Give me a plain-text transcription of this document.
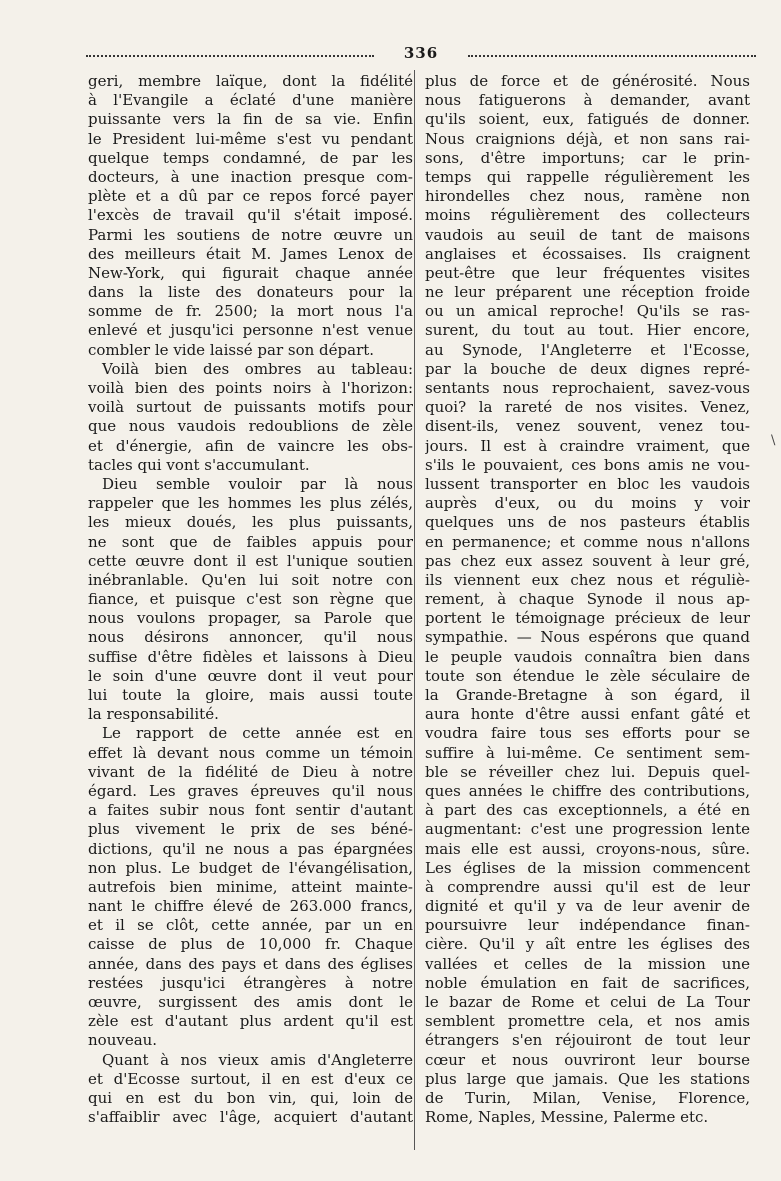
336
geri, membre laïque, dont la fidélité
à l'Evangile a éclaté d'une manière
puissante vers la fin de sa vie. Enfin
le President lui-même s'est vu pendant
quelque temps condamné, de par les
docteurs, à une inaction presque com-
plète et a dû par ce repos forcé payer
l'excès de travail qu'il s'était imposé.
Parmi les soutiens de notre œuvre un
des meilleurs était M. James Lenox de
New-York, qui figurait chaque année
dans la liste des donateurs pour la
somme de fr. 2500; la mort nous l'a
enlevé et jusqu'ici personne n'est venue
combler le vide laissé par son départ.
Voilà bien des ombres au tableau:
voilà bien des points noirs à l'horizon:
voilà surtout de puissants motifs pour
que nous vaudois redoublions de zèle
et d'énergie, afin de vaincre les obs-
tacles qui vont s'accumulant.
Dieu semble vouloir par là nous
rappeler que les hommes les plus zélés,
les mieux doués, les plus puissants,
ne sont que de faibles appuis pour
cette œuvre dont il est l'unique soutien
inébranlable. Qu'en lui soit notre con
fiance, et puisque c'est son règne que
nous voulons propager, sa Parole que
nous désirons annoncer, qu'il nous
suffise d'être fidèles et laissons à Dieu
le soin d'une œuvre dont il veut pour
lui toute la gloire, mais aussi toute
la responsabilité.
Le rapport de cette année est en
effet là devant nous comme un témoin
vivant de la fidélité de Dieu à notre
égard. Les graves épreuves qu'il nous
a faites subir nous font sentir d'autant
plus vivement le prix de ses béné-
dictions, qu'il ne nous a pas épargnées
non plus. Le budget de l'évangélisation,
autrefois bien minime, atteint mainte-
nant le chiffre élevé de 263.000 francs,
et il se clôt, cette année, par un en
caisse de plus de 10,000 fr. Chaque
année, dans des pays et dans des églises
restées jusqu'ici étrangères à notre
œuvre, surgissent des amis dont le
zèle est d'autant plus ardent qu'il est
nouveau.
Quant à nos vieux amis d'Angleterre
et d'Ecosse surtout, il en est d'eux ce
qui en est du bon vin, qui, loin de
s'affaiblir avec l'âge, acquiert d'autant
plus de force et de générosité. Nous
nous fatiguerons à demander, avant
qu'ils soient, eux, fatigués de donner.
Nous craignions déjà, et non sans rai-
sons, d'être importuns; car le prin-
temps qui rappelle régulièrement les
hirondelles chez nous, ramène non
moins régulièrement des collecteurs
vaudois au seuil de tant de maisons
anglaises et écossaises. Ils craignent
peut-être que leur fréquentes visites
ne leur préparent une réception froide
ou un amical reproche! Qu'ils se ras-
surent, du tout au tout. Hier encore,
au Synode, l'Angleterre et l'Ecosse,
par la bouche de deux dignes repré-
sentants nous reprochaient, savez-vous
quoi? la rareté de nos visites. Venez,
disent-ils, venez souvent, venez tou-
jours. Il est à craindre vraiment, que
s'ils le pouvaient, ces bons amis ne vou-
lussent transporter en bloc les vaudois
auprès d'eux, ou du moins y voir
quelques uns de nos pasteurs établis
en permanence; et comme nous n'allons
pas chez eux assez souvent à leur gré,
ils viennent eux chez nous et réguliè-
rement, à chaque Synode il nous ap-
portent le témoignage précieux de leur
sympathie. — Nous espérons que quand
le peuple vaudois connaîtra bien dans
toute son étendue le zèle séculaire de
la Grande-Bretagne à son égard, il
aura honte d'être aussi enfant gâté et
voudra faire tous ses efforts pour se
suffire à lui-même. Ce sentiment sem-
ble se réveiller chez lui. Depuis quel-
ques années le chiffre des contributions,
à part des cas exceptionnels, a été en
augmentant: c'est une progression lente
mais elle est aussi, croyons-nous, sûre.
Les églises de la mission commencent
à comprendre aussi qu'il est de leur
dignité et qu'il y va de leur avenir de
poursuivre leur indépendance finan-
cière. Qu'il y aît entre les églises des
vallées et celles de la mission une
noble émulation en fait de sacrifices,
le bazar de Rome et celui de La Tour
semblent promettre cela, et nos amis
étrangers s'en réjouiront de tout leur
cœur et nous ouvriront leur bourse
plus large que jamais. Que les stations
de Turin, Milan, Venise, Florence,
Rome, Naples, Messine, Palerme etc.
\
